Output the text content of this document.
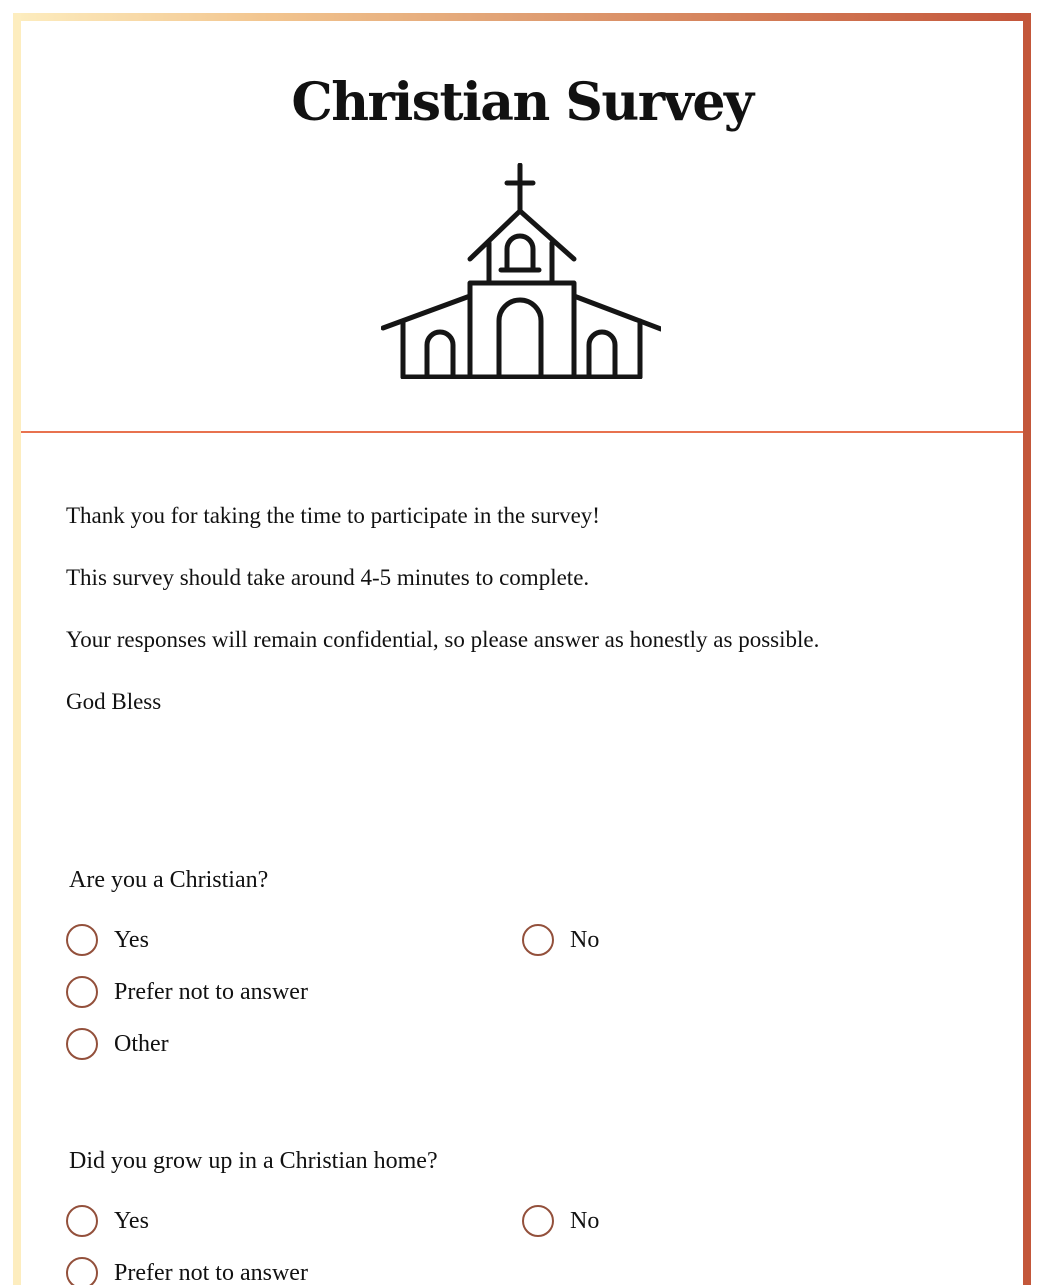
Christian Survey

Thank you for taking the time to participate in the survey!

This survey should take around 4-5 minutes to complete.

Your responses will remain confidential, so please answer as honestly as possible.

God Bless

Are you a Christian?
Yes	No
Prefer not to answer
Other
Did you grow up in a Christian home?
Yes	No
Prefer not to answer
